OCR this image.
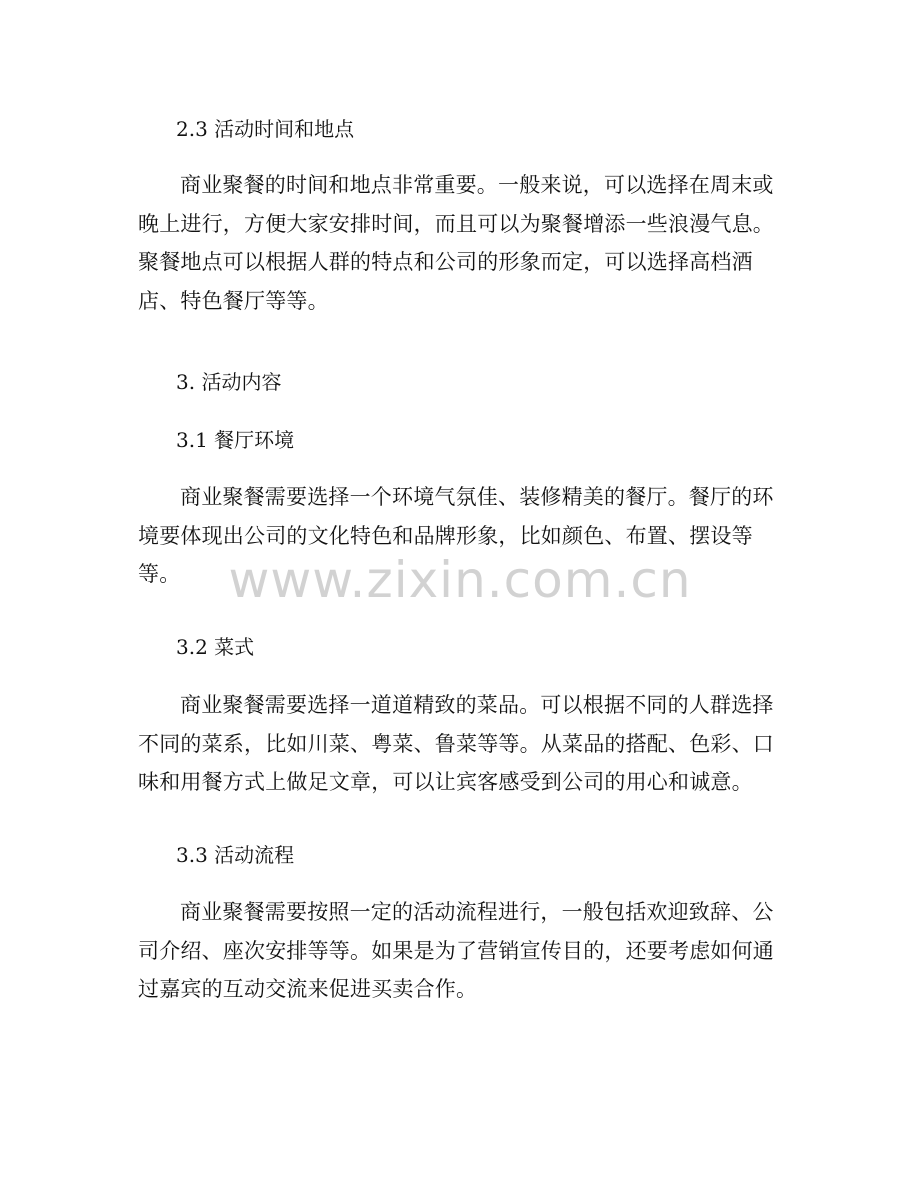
2.3 活动时间和地点

商业聚餐的时间和地点非常重要。一般来说，可以选择在周末或晚上进行，方便大家安排时间，而且可以为聚餐增添一些浪漫气息。聚餐地点可以根据人群的特点和公司的形象而定，可以选择高档酒店、特色餐厅等等。

3. 活动内容
3.1 餐厅环境

商业聚餐需要选择一个环境气氛佳、装修精美的餐厅。餐厅的环境要体现出公司的文化特色和品牌形象，比如颜色、布置、摆设等等。

3.2 菜式

商业聚餐需要选择一道道精致的菜品。可以根据不同的人群选择不同的菜系，比如川菜、粤菜、鲁菜等等。从菜品的搭配、色彩、口味和用餐方式上做足文章，可以让宾客感受到公司的用心和诚意。

3.3 活动流程

商业聚餐需要按照一定的活动流程进行，一般包括欢迎致辞、公司介绍、座次安排等等。如果是为了营销宣传目的，还要考虑如何通过嘉宾的互动交流来促进买卖合作。

www.zixin.com.cn
